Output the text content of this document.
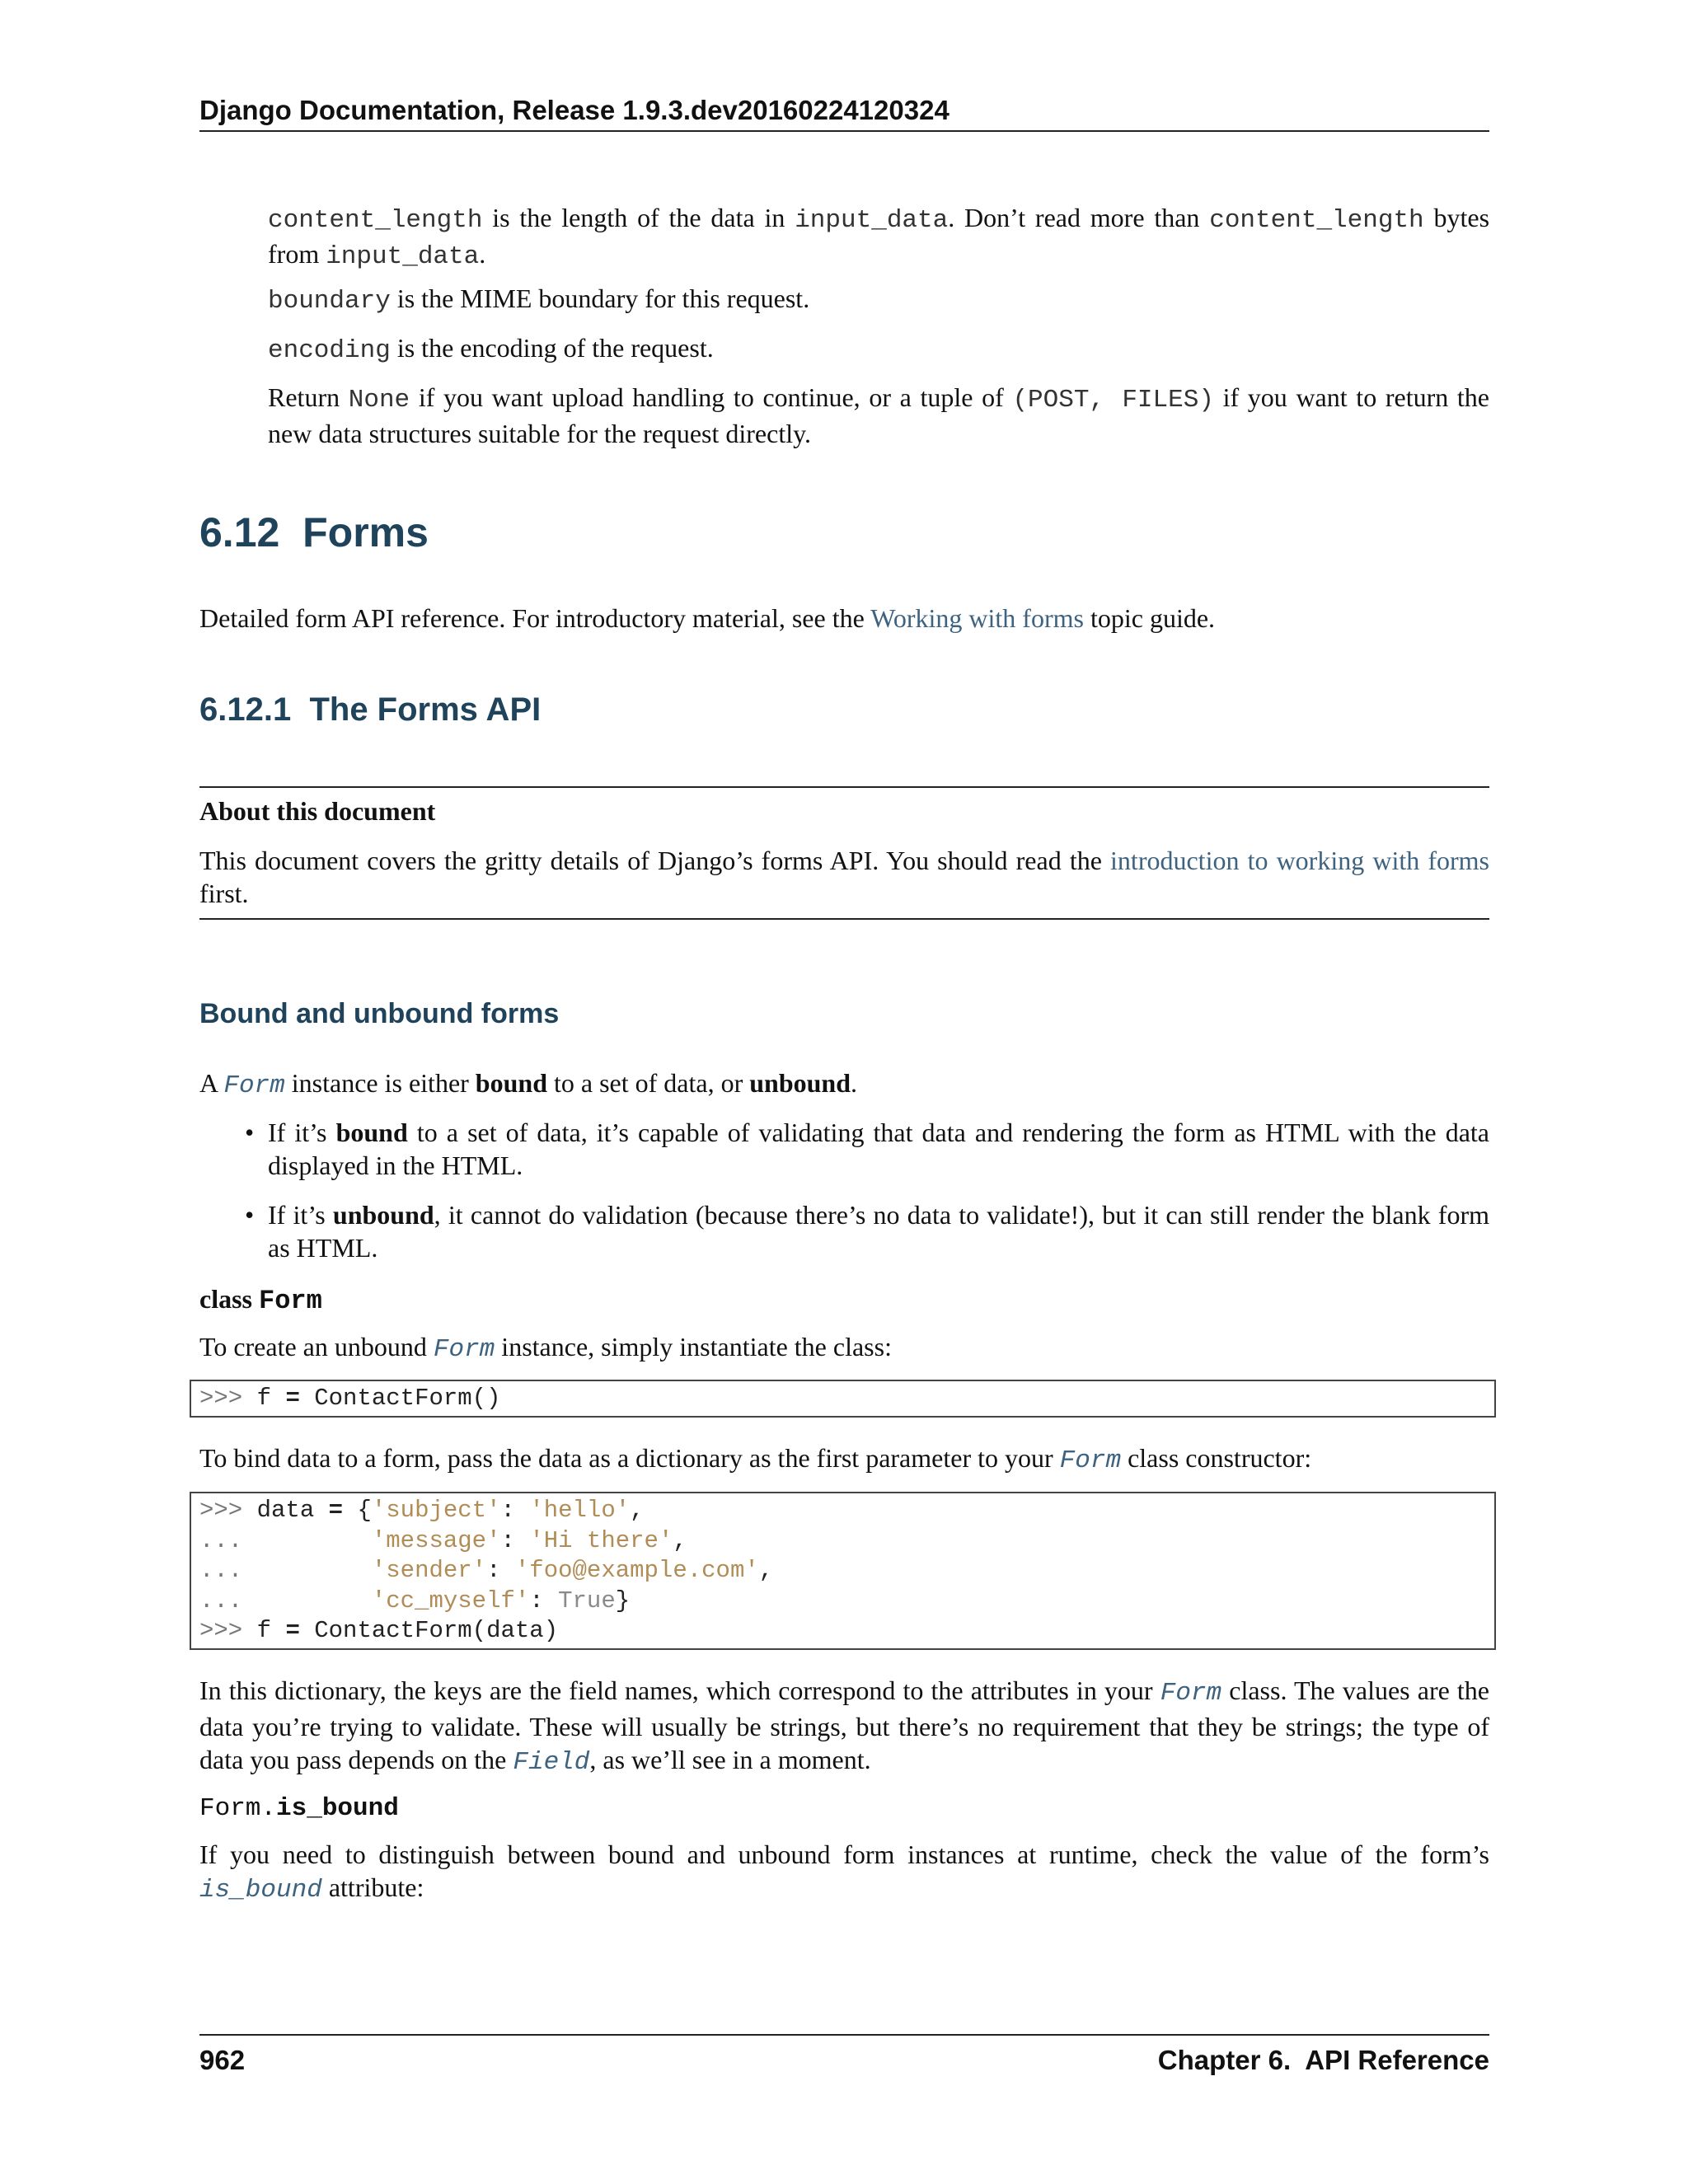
Django Documentation, Release 1.9.3.dev20160224120324
content_length is the length of the data in input_data. Don’t read more than content_length bytes from input_data.
boundary is the MIME boundary for this request.
encoding is the encoding of the request.
Return None if you want upload handling to continue, or a tuple of (POST, FILES) if you want to return the new data structures suitable for the request directly.
6.12 Forms
Detailed form API reference. For introductory material, see the Working with forms topic guide.
6.12.1 The Forms API

About this document

This document covers the gritty details of Django’s forms API. You should read the introduction to working with forms first.

Bound and unbound forms
A Form instance is either bound to a set of data, or unbound.
• If it’s bound to a set of data, it’s capable of validating that data and rendering the form as HTML with the data displayed in the HTML.
• If it’s unbound, it cannot do validation (because there’s no data to validate!), but it can still render the blank form as HTML.
class Form
To create an unbound Form instance, simply instantiate the class:
>>> f = ContactForm()
To bind data to a form, pass the data as a dictionary as the first parameter to your Form class constructor:
>>> data = {'subject': 'hello',
...	'message': 'Hi there',
...	'sender': 'foo@example.com',
...	'cc_myself': True}
>>> f = ContactForm(data)
In this dictionary, the keys are the field names, which correspond to the attributes in your Form class. The values are the data you’re trying to validate. These will usually be strings, but there’s no requirement that they be strings; the type of data you pass depends on the Field, as we’ll see in a moment.
Form.is_bound
If you need to distinguish between bound and unbound form instances at runtime, check the value of the form’s is_bound attribute:
962	Chapter 6.  API Reference
